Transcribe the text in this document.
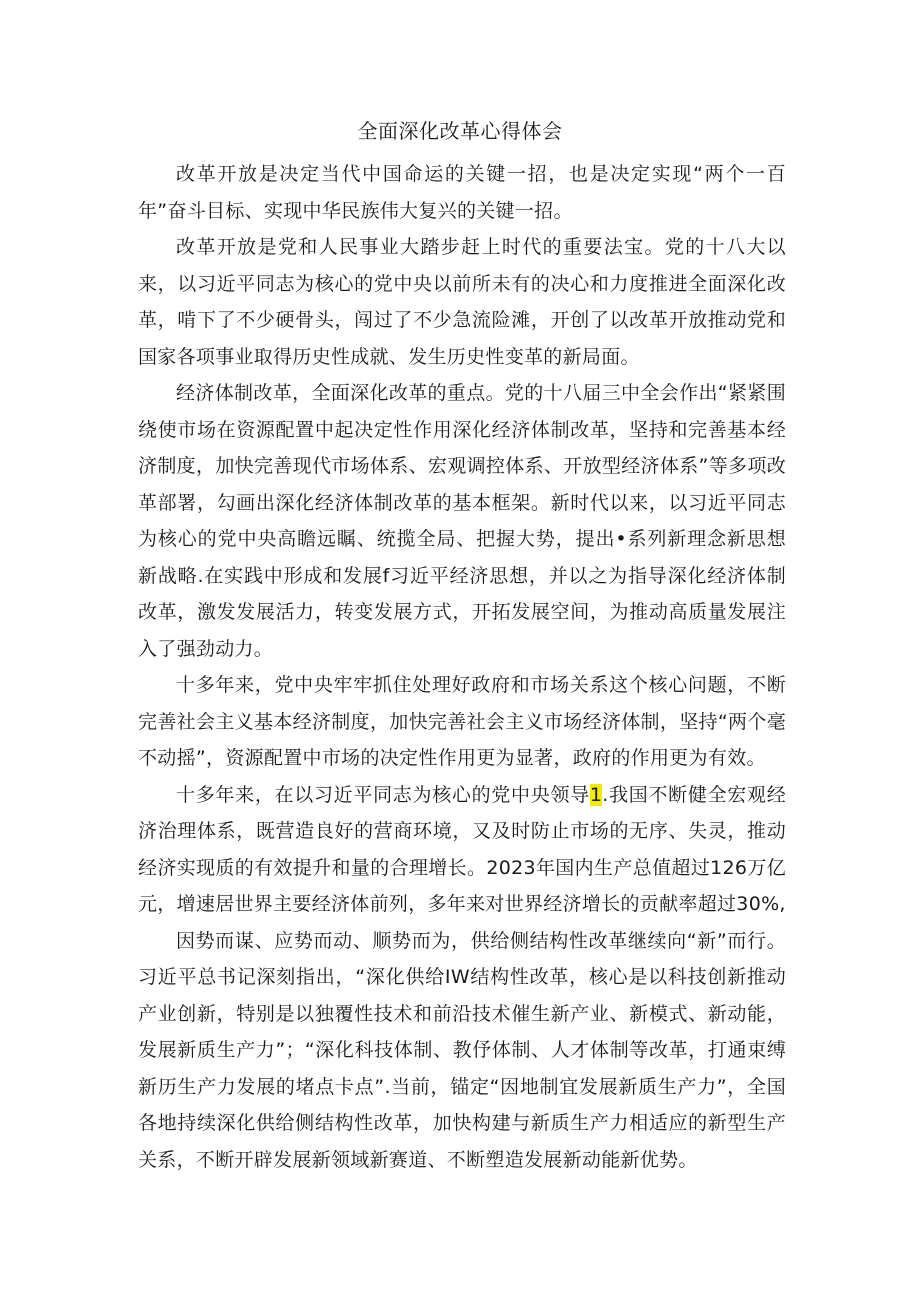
全面深化改革心得体会

改革开放是决定当代中国命运的关键一招，也是决定实现“两个一百年”奋斗目标、实现中华民族伟大复兴的关键一招。

改革开放是党和人民事业大踏步赶上时代的重要法宝。党的十八大以来，以习近平同志为核心的党中央以前所未有的决心和力度推进全面深化改革，啃下了不少硬骨头，闯过了不少急流险滩，开创了以改革开放推动党和国家各项事业取得历史性成就、发生历史性变革的新局面。

经济体制改革，全面深化改革的重点。党的十八届三中全会作出“紧紧围绕使市场在资源配置中起决定性作用深化经济体制改革，坚持和完善基本经济制度，加快完善现代市场体系、宏观调控体系、开放型经济体系”等多项改革部署，勾画出深化经济体制改革的基本框架。新时代以来，以习近平同志为核心的党中央高瞻远瞩、统揽全局、把握大势，提出•系列新理念新思想新战略.在实践中形成和发展f习近平经济思想，并以之为指导深化经济体制改革，激发发展活力，转变发展方式，开拓发展空间，为推动高质量发展注入了强劲动力。

十多年来，党中央牢牢抓住处理好政府和市场关系这个核心问题，不断完善社会主义基本经济制度，加快完善社会主义市场经济体制，坚持“两个毫不动摇”，资源配置中市场的决定性作用更为显著，政府的作用更为有效。

十多年来，在以习近平同志为核心的党中央领导1.我国不断健全宏观经济治理体系，既营造良好的营商环境，又及时防止市场的无序、失灵，推动经济实现质的有效提升和量的合理增长。2023年国内生产总值超过126万亿元，增速居世界主要经济体前列，多年来对世界经济增长的贡献率超过30%,

因势而谋、应势而动、顺势而为，供给侧结构性改革继续向“新”而行。习近平总书记深刻指出，“深化供给IW结构性改革，核心是以科技创新推动产业创新，特别是以独覆性技术和前沿技术催生新产业、新模式、新动能，发展新质生产力”；“深化科技体制、教伃体制、人才体制等改革，打通束缚新历生产力发展的堵点卡点”.当前，锚定“因地制宜发展新质生产力”，全国各地持续深化供给侧结构性改革，加快构建与新质生产力相适应的新型生产关系，不断开辟发展新领域新赛道、不断塑造发展新动能新优势。
